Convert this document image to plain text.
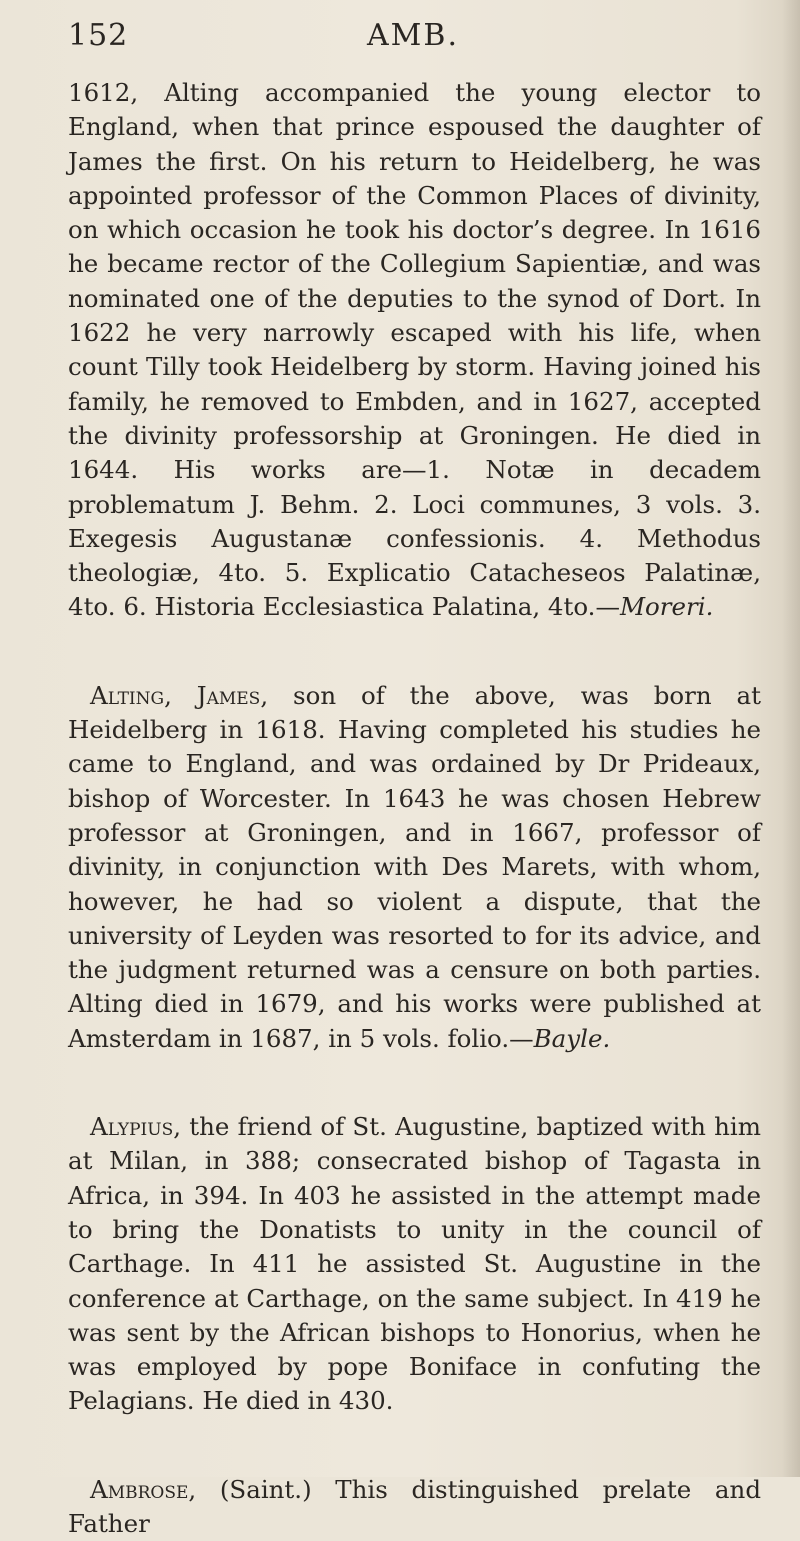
152	AMB.

1612, Alting accompanied the young elector to England, when that prince espoused the daughter of James the first. On his return to Heidelberg, he was appointed professor of the Common Places of divinity, on which occasion he took his doctor’s degree. In 1616 he became rector of the Collegium Sapientiæ, and was nominated one of the deputies to the synod of Dort. In 1622 he very narrowly escaped with his life, when count Tilly took Heidelberg by storm. Having joined his family, he removed to Embden, and in 1627, accepted the divinity professorship at Groningen. He died in 1644. His works are—1. Notæ in decadem problematum J. Behm. 2. Loci communes, 3 vols. 3. Exegesis Augustanæ confessionis. 4. Methodus theologiæ, 4to. 5. Explicatio Catacheseos Palatinæ, 4to. 6. Historia Ecclesiastica Palatina, 4to.—Moreri.

Alting, James, son of the above, was born at Heidelberg in 1618. Having completed his studies he came to England, and was ordained by Dr Prideaux, bishop of Worcester. In 1643 he was chosen Hebrew professor at Groningen, and in 1667, professor of divinity, in conjunction with Des Marets, with whom, however, he had so violent a dispute, that the university of Leyden was resorted to for its advice, and the judgment returned was a censure on both parties. Alting died in 1679, and his works were published at Amsterdam in 1687, in 5 vols. folio.—Bayle.

Alypius, the friend of St. Augustine, baptized with him at Milan, in 388; consecrated bishop of Tagasta in Africa, in 394. In 403 he assisted in the attempt made to bring the Donatists to unity in the council of Carthage. In 411 he assisted St. Augustine in the conference at Carthage, on the same subject. In 419 he was sent by the African bishops to Honorius, when he was employed by pope Boniface in confuting the Pelagians. He died in 430.

Ambrose, (Saint.) This distinguished prelate and Father
